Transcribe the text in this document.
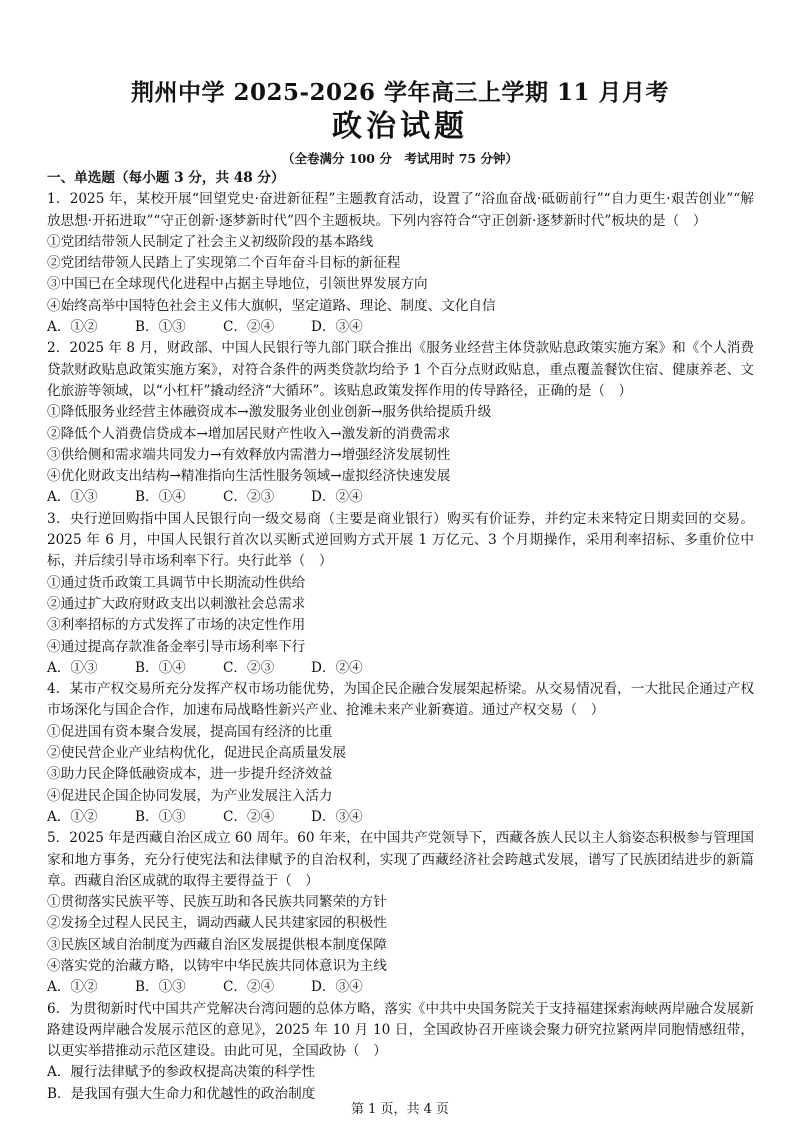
荆州中学 2025-2026 学年高三上学期 11 月月考
政治试题
（全卷满分 100 分　考试用时 75 分钟）
一、单选题（每小题 3 分，共 48 分）
1．2025 年，某校开展“回望党史·奋进新征程”主题教育活动，设置了“浴血奋战·砥砺前行”“自力更生·艰苦创业”“解放思想·开拓进取”“守正创新·逐梦新时代”四个主题板块。下列内容符合“守正创新·逐梦新时代”板块的是（　）
①党团结带领人民制定了社会主义初级阶段的基本路线
②党团结带领人民踏上了实现第二个百年奋斗目标的新征程
③中国已在全球现代化进程中占据主导地位，引领世界发展方向
④始终高举中国特色社会主义伟大旗帜，坚定道路、理论、制度、文化自信
A．①②	B．①③	C．②④	D．③④
2．2025 年 8 月，财政部、中国人民银行等九部门联合推出《服务业经营主体贷款贴息政策实施方案》和《个人消费贷款财政贴息政策实施方案》，对符合条件的两类贷款均给予 1 个百分点财政贴息，重点覆盖餐饮住宿、健康养老、文化旅游等领域，以“小杠杆”撬动经济“大循环”。该贴息政策发挥作用的传导路径，正确的是（　）
①降低服务业经营主体融资成本→激发服务业创业创新→服务供给提质升级
②降低个人消费信贷成本→增加居民财产性收入→激发新的消费需求
③供给侧和需求端共同发力→有效释放内需潜力→增强经济发展韧性
④优化财政支出结构→精准指向生活性服务领域→虚拟经济快速发展
A．①③	B．①④	C．②③	D．②④
3．央行逆回购指中国人民银行向一级交易商（主要是商业银行）购买有价证券，并约定未来特定日期卖回的交易。2025 年 6 月，中国人民银行首次以买断式逆回购方式开展 1 万亿元、3 个月期操作，采用利率招标、多重价位中标，并后续引导市场利率下行。央行此举（　）
①通过货币政策工具调节中长期流动性供给
②通过扩大政府财政支出以刺激社会总需求
③利率招标的方式发挥了市场的决定性作用
④通过提高存款准备金率引导市场利率下行
A．①③	B．①④	C．②③	D．②④
4．某市产权交易所充分发挥产权市场功能优势，为国企民企融合发展架起桥梁。从交易情况看，一大批民企通过产权市场深化与国企合作，加速布局战略性新兴产业、抢滩未来产业新赛道。通过产权交易（　）
①促进国有资本聚合发展，提高国有经济的比重
②使民营企业产业结构优化，促进民企高质量发展
③助力民企降低融资成本，进一步提升经济效益
④促进民企国企协同发展，为产业发展注入活力
A．①②	B．①③	C．②④	D．③④
5．2025 年是西藏自治区成立 60 周年。60 年来，在中国共产党领导下，西藏各族人民以主人翁姿态积极参与管理国家和地方事务，充分行使宪法和法律赋予的自治权利，实现了西藏经济社会跨越式发展，谱写了民族团结进步的新篇章。西藏自治区成就的取得主要得益于（　）
①贯彻落实民族平等、民族互助和各民族共同繁荣的方针
②发扬全过程人民民主，调动西藏人民共建家园的积极性
③民族区域自治制度为西藏自治区发展提供根本制度保障
④落实党的治藏方略，以铸牢中华民族共同体意识为主线
A．①②	B．①③	C．②④	D．③④
6．为贯彻新时代中国共产党解决台湾问题的总体方略，落实《中共中央国务院关于支持福建探索海峡两岸融合发展新路建设两岸融合发展示范区的意见》，2025 年 10 月 10 日，全国政协召开座谈会聚力研究拉紧两岸同胞情感纽带，以更实举措推动示范区建设。由此可见，全国政协（　）
A．履行法律赋予的参政权提高决策的科学性
B．是我国有强大生命力和优越性的政治制度
第 1 页，共 4 页
